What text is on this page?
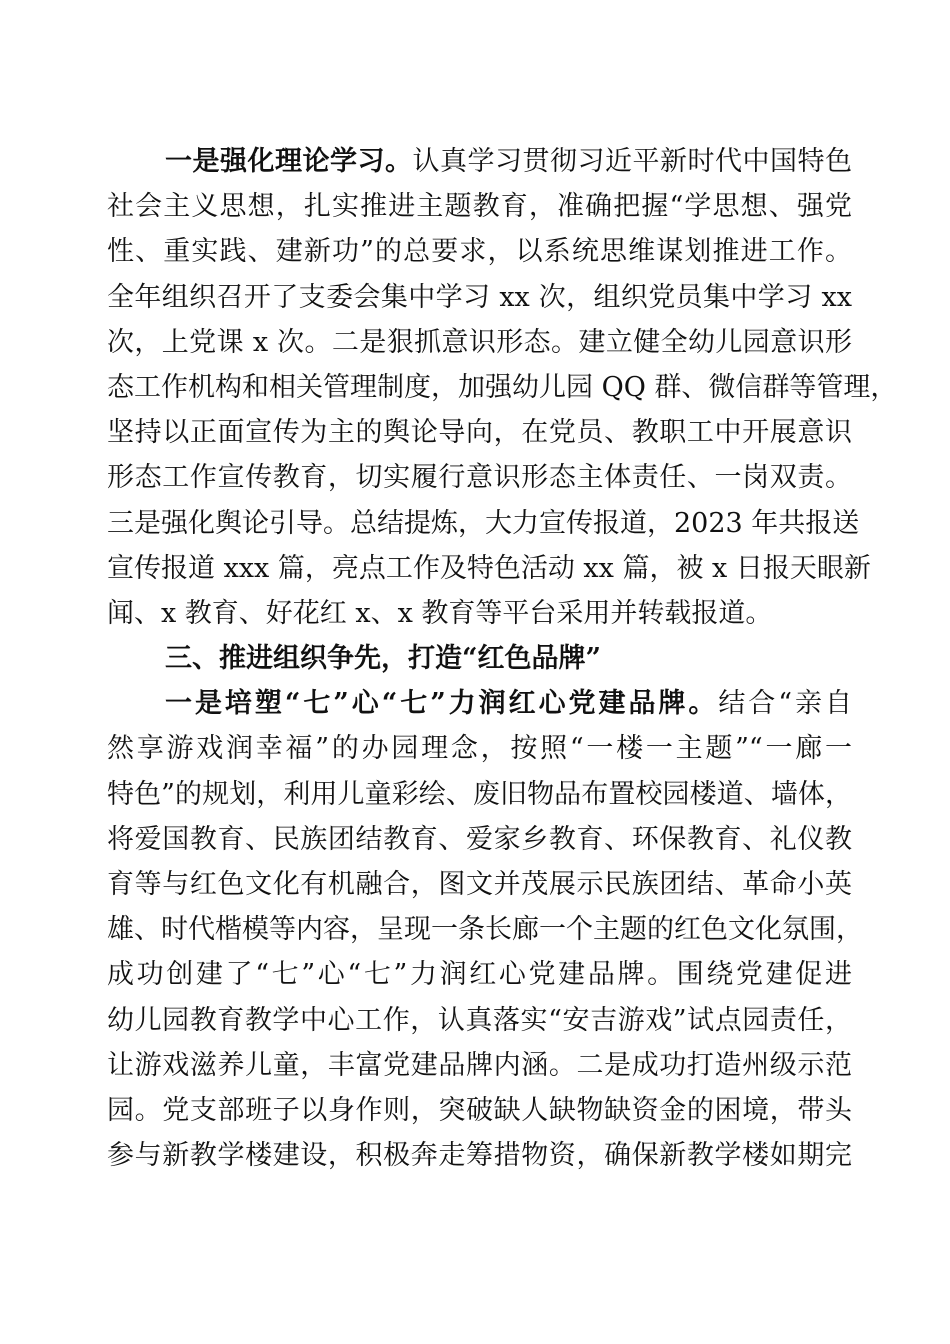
一是强化理论学习。认真学习贯彻习近平新时代中国特色
社会主义思想，扎实推进主题教育，准确把握“学思想、强党
性、重实践、建新功”的总要求，以系统思维谋划推进工作。
全年组织召开了支委会集中学习 xx 次，组织党员集中学习 xx
次，上党课 x 次。二是狠抓意识形态。建立健全幼儿园意识形
态工作机构和相关管理制度，加强幼儿园 QQ 群、微信群等管理，
坚持以正面宣传为主的舆论导向，在党员、教职工中开展意识
形态工作宣传教育，切实履行意识形态主体责任、一岗双责。
三是强化舆论引导。总结提炼，大力宣传报道，2023 年共报送
宣传报道 xxx 篇，亮点工作及特色活动 xx 篇，被 x 日报天眼新
闻、x 教育、好花红 x、x 教育等平台采用并转载报道。
三、推进组织争先，打造“红色品牌”
一是培塑“七”心“七”力润红心党建品牌。结合“亲自
然享游戏润幸福”的办园理念，按照“一楼一主题”“一廊一
特色”的规划，利用儿童彩绘、废旧物品布置校园楼道、墙体，
将爱国教育、民族团结教育、爱家乡教育、环保教育、礼仪教
育等与红色文化有机融合，图文并茂展示民族团结、革命小英
雄、时代楷模等内容，呈现一条长廊一个主题的红色文化氛围，
成功创建了“七”心“七”力润红心党建品牌。围绕党建促进
幼儿园教育教学中心工作，认真落实“安吉游戏”试点园责任，
让游戏滋养儿童，丰富党建品牌内涵。二是成功打造州级示范
园。党支部班子以身作则，突破缺人缺物缺资金的困境，带头
参与新教学楼建设，积极奔走筹措物资，确保新教学楼如期完
